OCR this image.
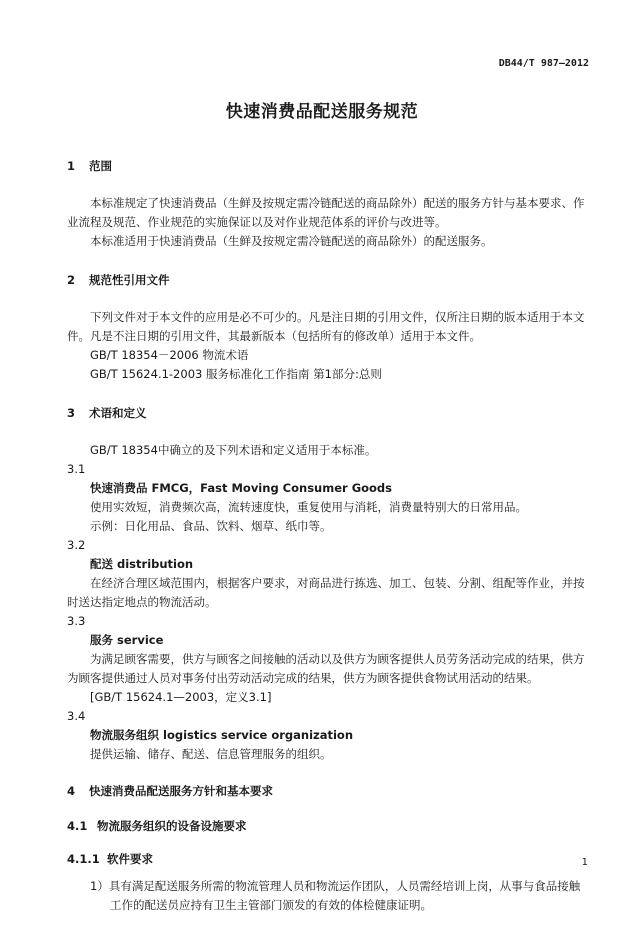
DB44/T 987—2012
快速消费品配送服务规范
1 范围

本标准规定了快速消费品（生鲜及按规定需冷链配送的商品除外）配送的服务方针与基本要求、作业流程及规范、作业规范的实施保证以及对作业规范体系的评价与改进等。

本标准适用于快速消费品（生鲜及按规定需冷链配送的商品除外）的配送服务。

2 规范性引用文件

下列文件对于本文件的应用是必不可少的。凡是注日期的引用文件，仅所注日期的版本适用于本文件。凡是不注日期的引用文件，其最新版本（包括所有的修改单）适用于本文件。

GB/T 18354－2006 物流术语

GB/T 15624.1-2003 服务标准化工作指南 第1部分:总则

3 术语和定义

GB/T 18354中确立的及下列术语和定义适用于本标准。

3.1

快速消费品 FMCG，Fast Moving Consumer Goods

使用实效短，消费频次高，流转速度快，重复使用与消耗，消费量特别大的日常用品。

示例：日化用品、食品、饮料、烟草、纸巾等。

3.2

配送 distribution

在经济合理区域范围内，根据客户要求，对商品进行拣选、加工、包装、分割、组配等作业，并按时送达指定地点的物流活动。

3.3

服务 service

为满足顾客需要，供方与顾客之间接触的活动以及供方为顾客提供人员劳务活动完成的结果，供方为顾客提供通过人员对事务付出劳动活动完成的结果，供方为顾客提供食物试用活动的结果。

[GB/T 15624.1—2003，定义3.1]

3.4

物流服务组织 logistics service organization

提供运输、储存、配送、信息管理服务的组织。

4 快速消费品配送服务方针和基本要求
4.1 物流服务组织的设备设施要求
4.1.1 软件要求

1）具有满足配送服务所需的物流管理人员和物流运作团队，人员需经培训上岗，从事与食品接触

工作的配送员应持有卫生主管部门颁发的有效的体检健康证明。

1
